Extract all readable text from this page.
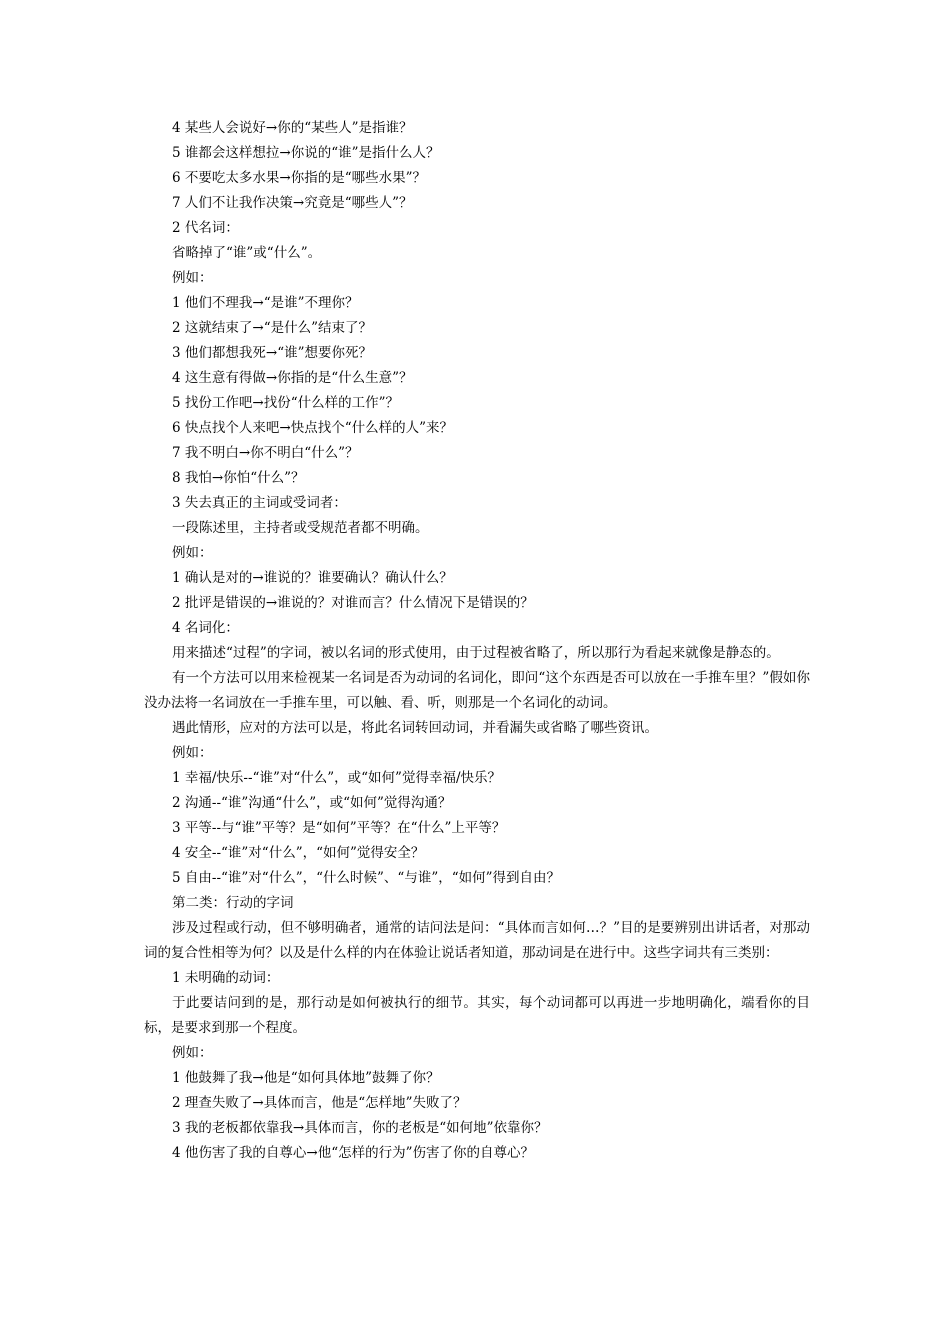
4 某些人会说好→你的“某些人”是指谁？

5 谁都会这样想拉→你说的“谁”是指什么人？

6 不要吃太多水果→你指的是“哪些水果”？

7 人们不让我作决策→究竟是“哪些人”？

2 代名词：

省略掉了“谁”或“什么”。

例如：

1 他们不理我→“是谁”不理你？

2 这就结束了→“是什么”结束了？

3 他们都想我死→“谁”想要你死？

4 这生意有得做→你指的是“什么生意”？

5 找份工作吧→找份“什么样的工作”？

6 快点找个人来吧→快点找个“什么样的人”来？

7 我不明白→你不明白“什么”？

8 我怕→你怕“什么”？

3 失去真正的主词或受词者：

一段陈述里，主持者或受规范者都不明确。

例如：

1 确认是对的→谁说的？谁要确认？确认什么？

2 批评是错误的→谁说的？对谁而言？什么情况下是错误的？

4 名词化：

用来描述“过程”的字词，被以名词的形式使用，由于过程被省略了，所以那行为看起来就像是静态的。

有一个方法可以用来检视某一名词是否为动词的名词化，即问“这个东西是否可以放在一手推车里？”假如你没办法将一名词放在一手推车里，可以触、看、听，则那是一个名词化的动词。

遇此情形，应对的方法可以是，将此名词转回动词，并看漏失或省略了哪些资讯。

例如：

1 幸福/快乐--“谁”对“什么”，或“如何”觉得幸福/快乐？

2 沟通--“谁”沟通“什么”，或“如何”觉得沟通？

3 平等--与“谁”平等？是“如何”平等？在“什么”上平等？

4 安全--“谁”对“什么”，“如何”觉得安全？

5 自由--“谁”对“什么”，“什么时候”、“与谁”，“如何”得到自由？

第二类：行动的字词

涉及过程或行动，但不够明确者，通常的诘问法是问：“具体而言如何…？”目的是要辨别出讲话者，对那动词的复合性相等为何？以及是什么样的内在体验让说话者知道，那动词是在进行中。这些字词共有三类别：

1 未明确的动词：

于此要诘问到的是，那行动是如何被执行的细节。其实，每个动词都可以再进一步地明确化，端看你的目标，是要求到那一个程度。

例如：

1 他鼓舞了我→他是“如何具体地”鼓舞了你？

2 理查失败了→具体而言，他是“怎样地”失败了？

3 我的老板都依靠我→具体而言，你的老板是“如何地”依靠你？

4 他伤害了我的自尊心→他“怎样的行为”伤害了你的自尊心？
